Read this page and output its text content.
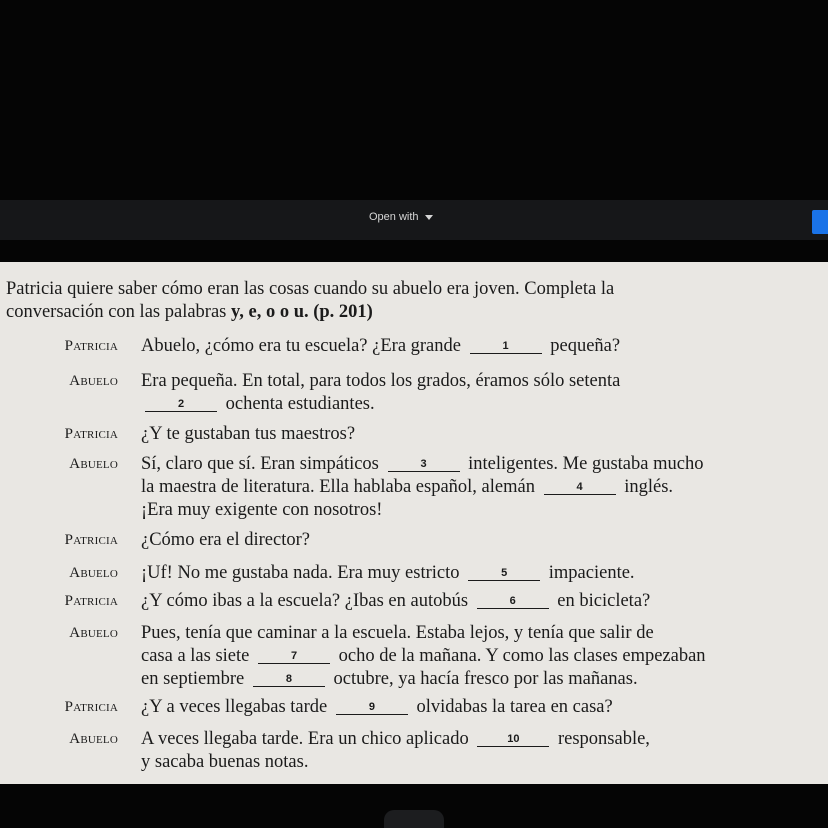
Open with

Patricia quiere saber cómo eran las cosas cuando su abuelo era joven. Completa la
conversación con las palabras y, e, o o u. (p. 201)

Patricia Abuelo, ¿cómo era tu escuela? ¿Era grande	1 pequeña?
Abuelo Era pequeña. En total, para todos los grados, éramos sólo setenta
2 ochenta estudiantes.
Patricia ¿Y te gustaban tus maestros?
Abuelo Sí, claro que sí. Eran simpáticos	3 inteligentes. Me gustaba mucho
la maestra de literatura. Ella hablaba español, alemán	4 inglés.
¡Era muy exigente con nosotros!
Patricia ¿Cómo era el director?
Abuelo ¡Uf! No me gustaba nada. Era muy estricto	5 impaciente.
Patricia ¿Y cómo ibas a la escuela? ¿Ibas en autobús	6 en bicicleta?
Abuelo Pues, tenía que caminar a la escuela. Estaba lejos, y tenía que salir de
casa a las siete	7 ocho de la mañana. Y como las clases empezaban
en septiembre	8 octubre, ya hacía fresco por las mañanas.
Patricia ¿Y a veces llegabas tarde	9 olvidabas la tarea en casa?
Abuelo A veces llegaba tarde. Era un chico aplicado	10 responsable,
y sacaba buenas notas.
